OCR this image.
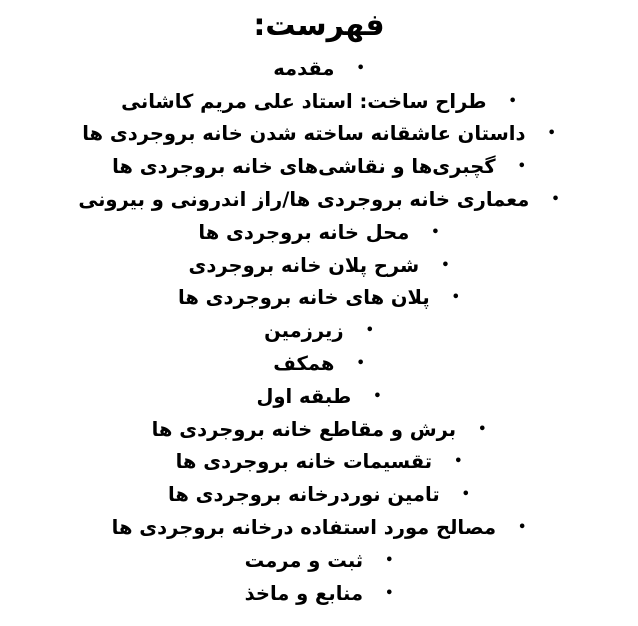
فهرست:
•
مقدمه
•
طراح ساخت: استاد علی مریم کاشانی
•
داستان عاشقانه ساخته شدن خانه بروجردی ها
•
گچبری‌ها و نقاشی‌های خانه بروجردی ها
•
معماری خانه بروجردی ها/راز اندرونی و بیرونی
•
محل خانه بروجردی ها
•
شرح پلان خانه بروجردی
•
پلان های خانه بروجردی ها
•
زیرزمین
•
همکف
•
طبقه اول
•
برش و مقاطع خانه بروجردی ها
•
تقسیمات خانه بروجردی ها
•
تامین نوردرخانه بروجردی ها
•
مصالح مورد استفاده درخانه بروجردی ها
•
ثبت و مرمت
•
منابع و ماخذ
